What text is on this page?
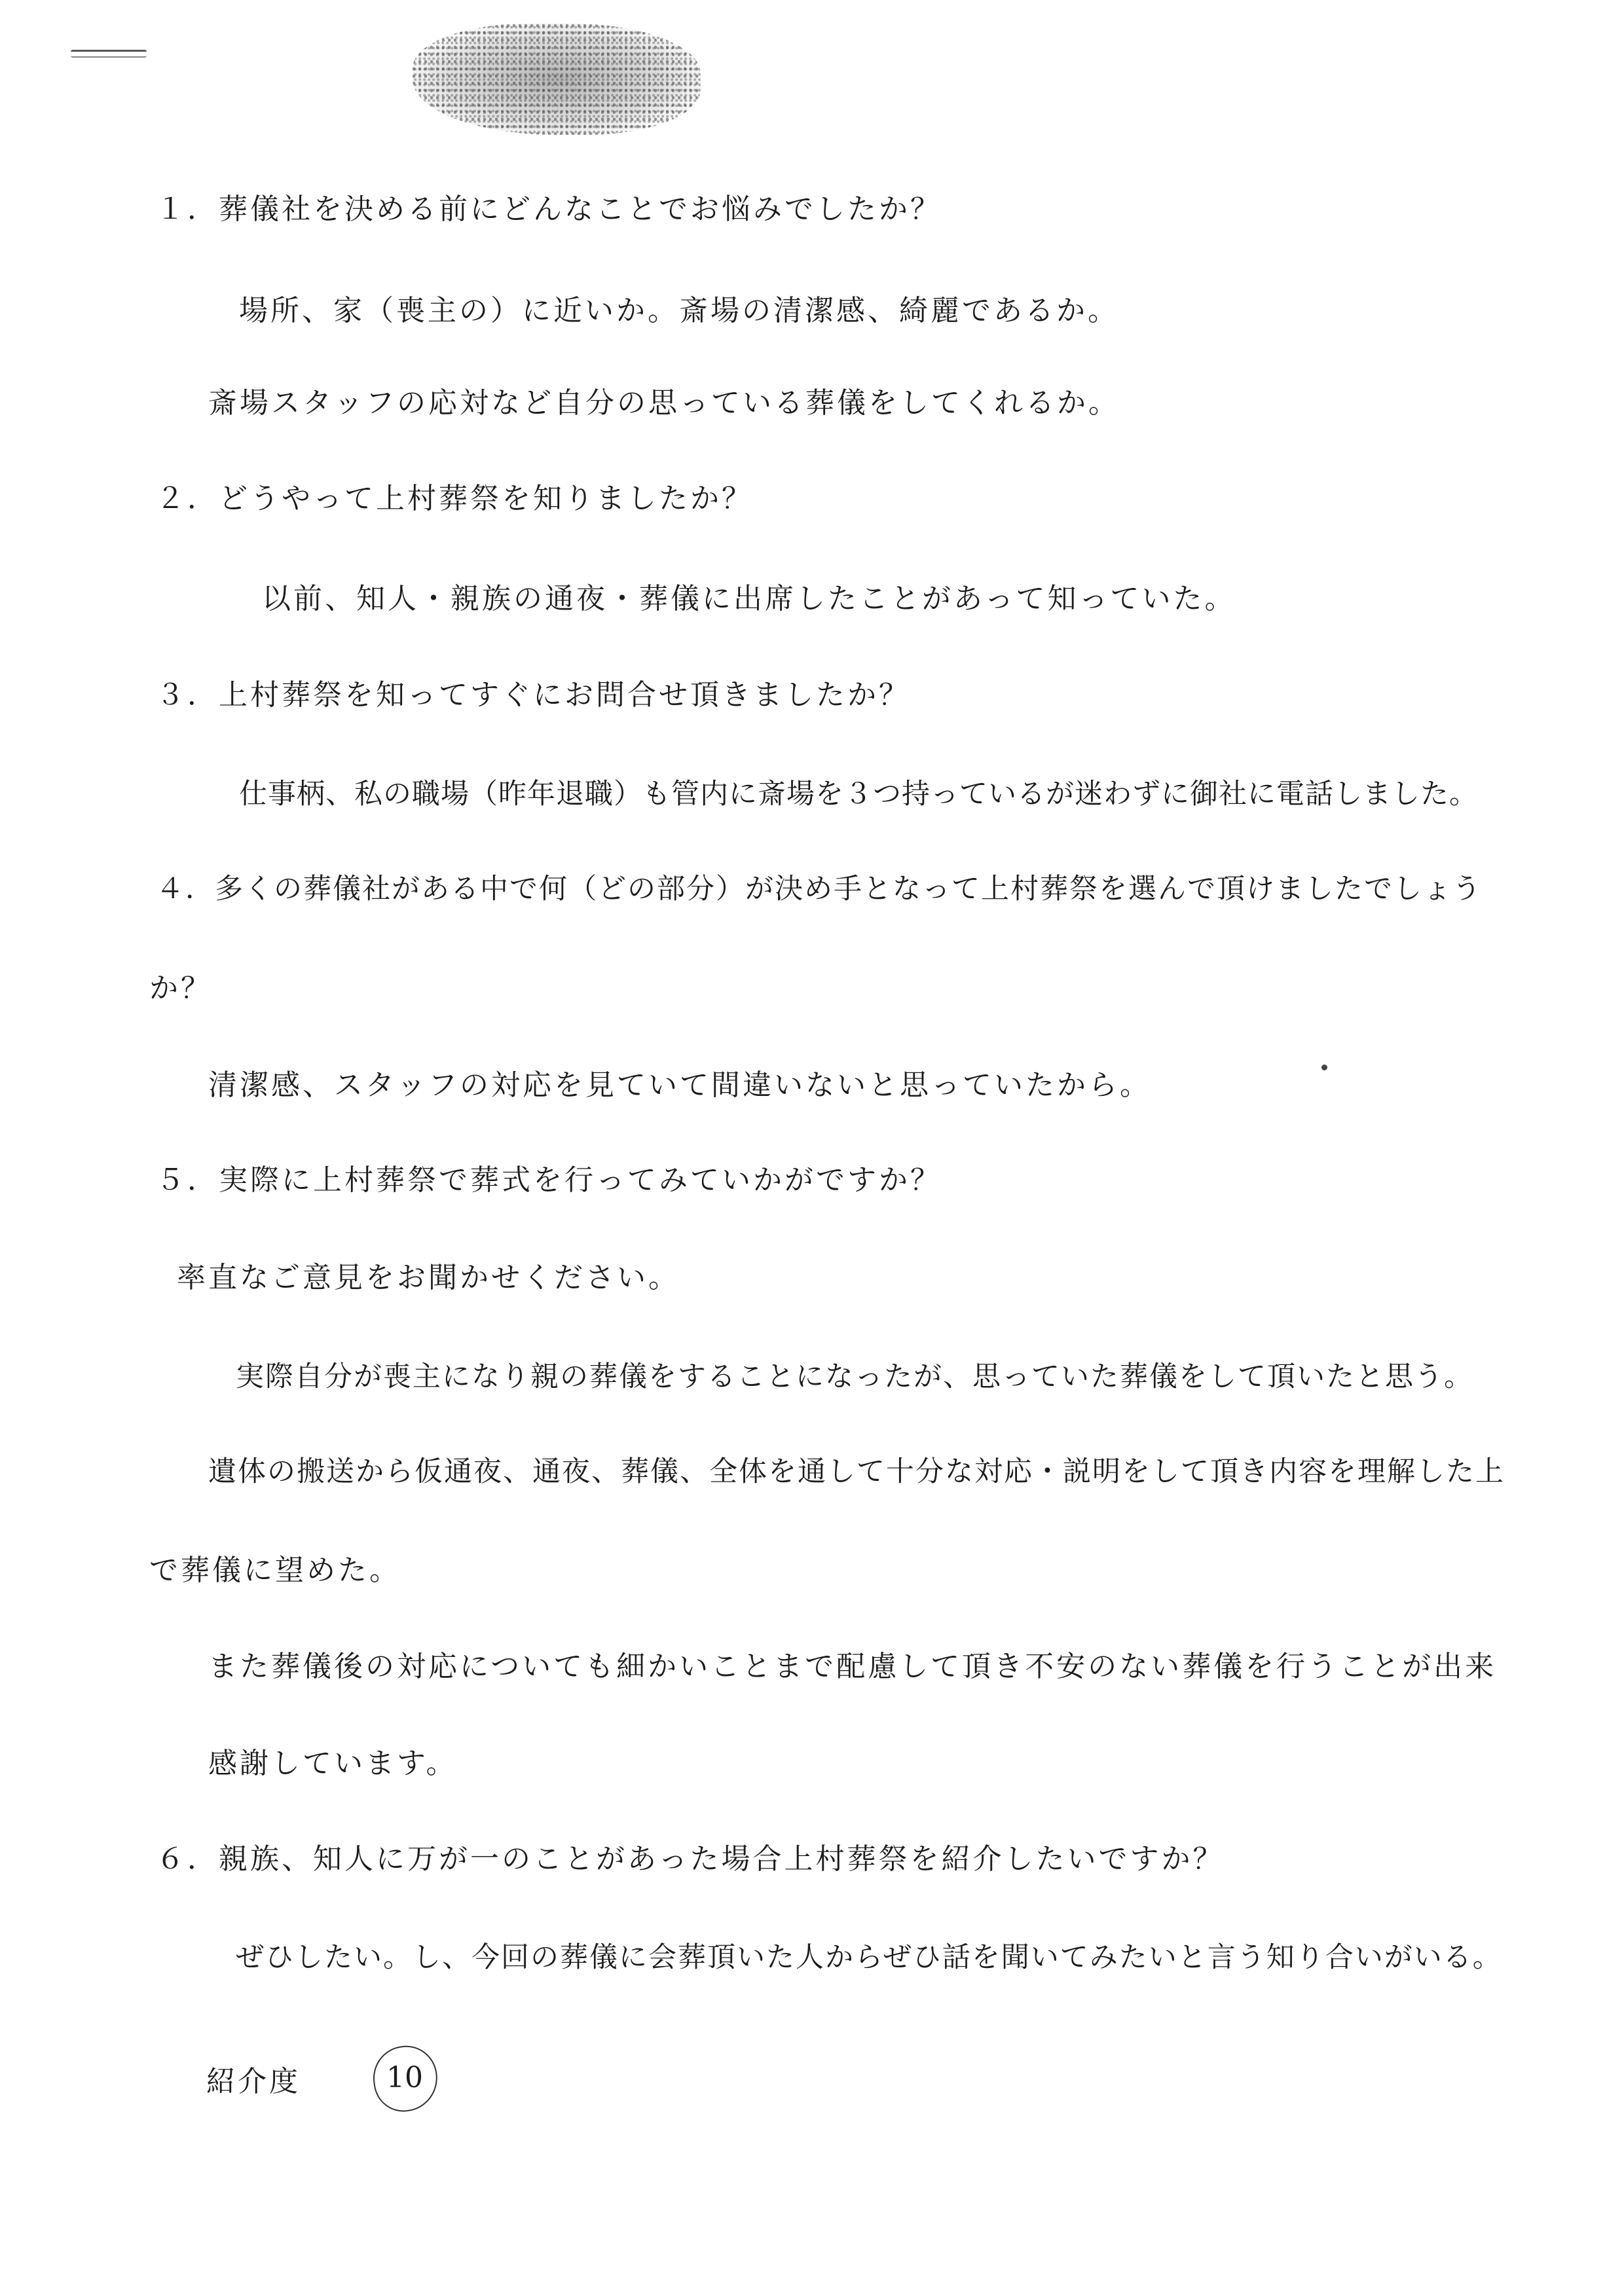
１．葬儀社を決める前にどんなことでお悩みでしたか？
場所、家（喪主の）に近いか。斎場の清潔感、綺麗であるか。
斎場スタッフの応対など自分の思っている葬儀をしてくれるか。
２．どうやって上村葬祭を知りましたか？
以前、知人・親族の通夜・葬儀に出席したことがあって知っていた。
３．上村葬祭を知ってすぐにお問合せ頂きましたか？
仕事柄、私の職場（昨年退職）も管内に斎場を３つ持っているが迷わずに御社に電話しました。
４．多くの葬儀社がある中で何（どの部分）が決め手となって上村葬祭を選んで頂けましたでしょう
か？
清潔感、スタッフの対応を見ていて間違いないと思っていたから。
５．実際に上村葬祭で葬式を行ってみていかがですか？
率直なご意見をお聞かせください。
実際自分が喪主になり親の葬儀をすることになったが、思っていた葬儀をして頂いたと思う。
遺体の搬送から仮通夜、通夜、葬儀、全体を通して十分な対応・説明をして頂き内容を理解した上
で葬儀に望めた。
また葬儀後の対応についても細かいことまで配慮して頂き不安のない葬儀を行うことが出来
感謝しています。
６．親族、知人に万が一のことがあった場合上村葬祭を紹介したいですか？
ぜひしたい。し、今回の葬儀に会葬頂いた人からぜひ話を聞いてみたいと言う知り合いがいる。
紹介度	10
